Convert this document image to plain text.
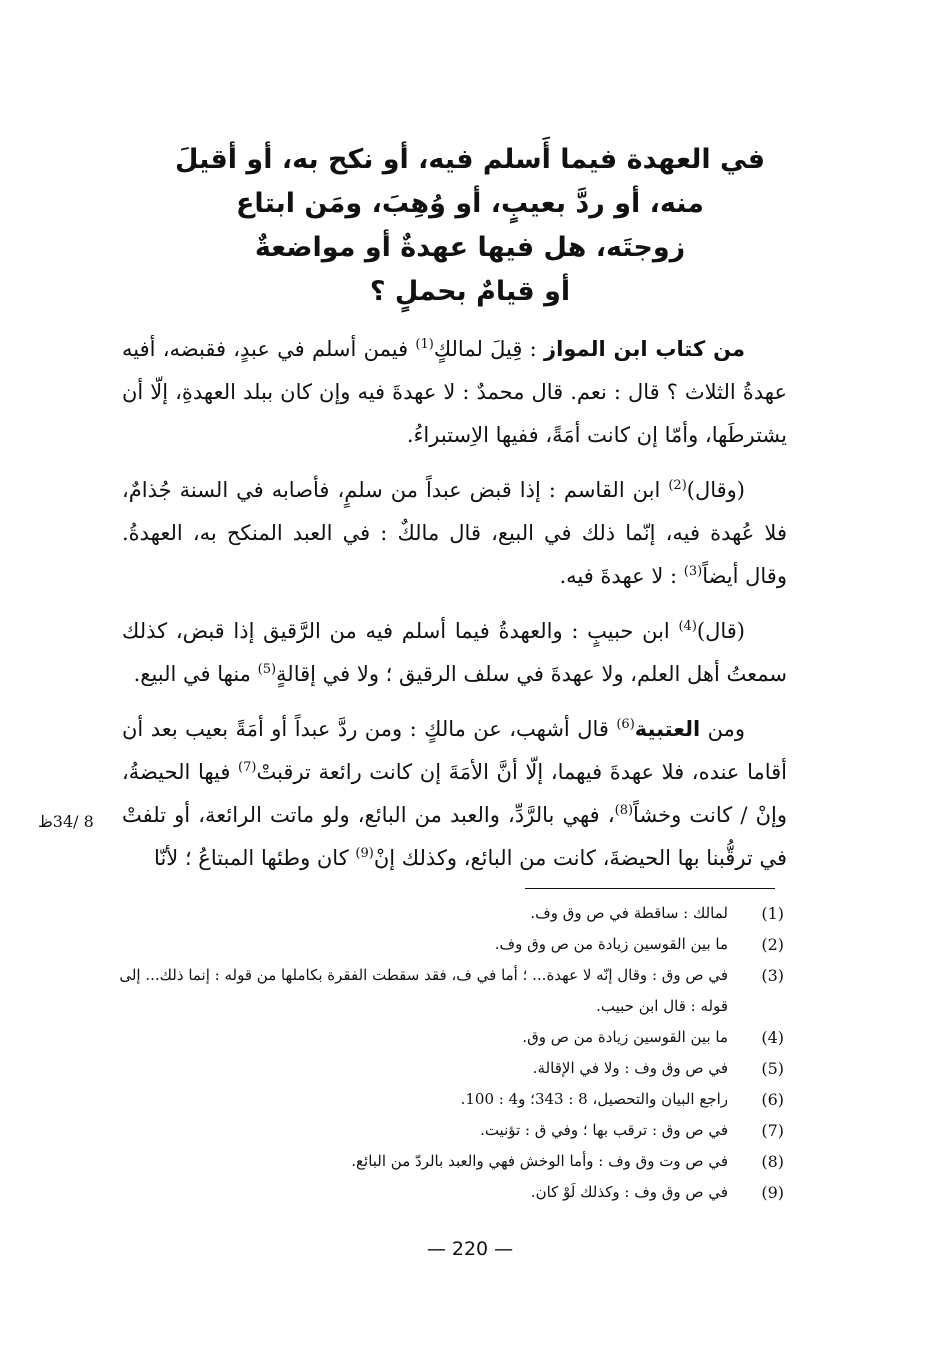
في العهدة فيما أَسلم فيه، أو نكح به، أو أقيلَ
منه، أو ردَّ بعيبٍ، أو وُهِبَ، ومَن ابتاع
زوجتَه، هل فيها عهدةٌ أو مواضعةٌ
أو قيامٌ بحملٍ ؟

من كتاب ابن المواز : قِيلَ لمالكٍ$^{(1)}$ فيمن أسلم في عبدٍ، فقبضه، أفيه عهدةُ الثلاث ؟ قال : نعم. قال محمدٌ : لا عهدةَ فيه وإن كان ببلد العهدةِ، إلّا أن يشترطَها، وأمّا إن كانت أمَةً، ففيها الاِستبراءُ.

(وقال)$^{(2)}$ ابن القاسم : إذا قبض عبداً من سلمٍ، فأصابه في السنة جُذامٌ، فلا عُهدة فيه، إنّما ذلك في البيع، قال مالكٌ : في العبد المنكح به، العهدةُ. وقال أيضاً$^{(3)}$ : لا عهدةَ فيه.

(قال)$^{(4)}$ ابن حبيبٍ : والعهدةُ فيما أسلم فيه من الرَّقيق إذا قبض، كذلك سمعتُ أهل العلم، ولا عهدةَ في سلف الرقيق ؛ ولا في إقالةٍ$^{(5)}$ منها في البيع.

ومن العتبية$^{(6)}$ قال أشهب، عن مالكٍ : ومن ردَّ عبداً أو أمَةً بعيب بعد أن أقاما عنده، فلا عهدةَ فيهما، إلّا أنَّ الأمَةَ إن كانت رائعة ترقبتْ$^{(7)}$ فيها الحيضةُ، وإنْ / كانت وخشاً$^{(8)}$، فهي بالرَّدِّ، والعبد من البائع، ولو ماتت الرائعة، أو تلفتْ في ترقُّبنا بها الحيضةَ، كانت من البائع، وكذلك إنْ$^{(9)}$ كان وطئها المبتاعُ ؛ لأنّا

8 /34ظ
(1)
لمالك : ساقطة في ص وق وف.
(2)
ما بين القوسين زيادة من ص وق وف.
(3)
في ص وق : وقال إنّه لا عهدة... ؛ أما في ف، فقد سقطت الفقرة بكاملها من قوله : إنما ذلك... إلى قوله : قال ابن حبيب.
(4)
ما بين القوسين زيادة من ص وق.
(5)
في ص وق وف : ولا في الإقالة.
(6)
راجع البيان والتحصيل، 8 : 343؛ و4 : 100.
(7)
في ص وق : ترقب بها ؛ وفي ق : تؤنيت.
(8)
في ص وت وق وف : وأما الوخش فهي والعبد بالردّ من البائع.
(9)
في ص وق وف : وكذلك لَوْ كان.
— 220 —
